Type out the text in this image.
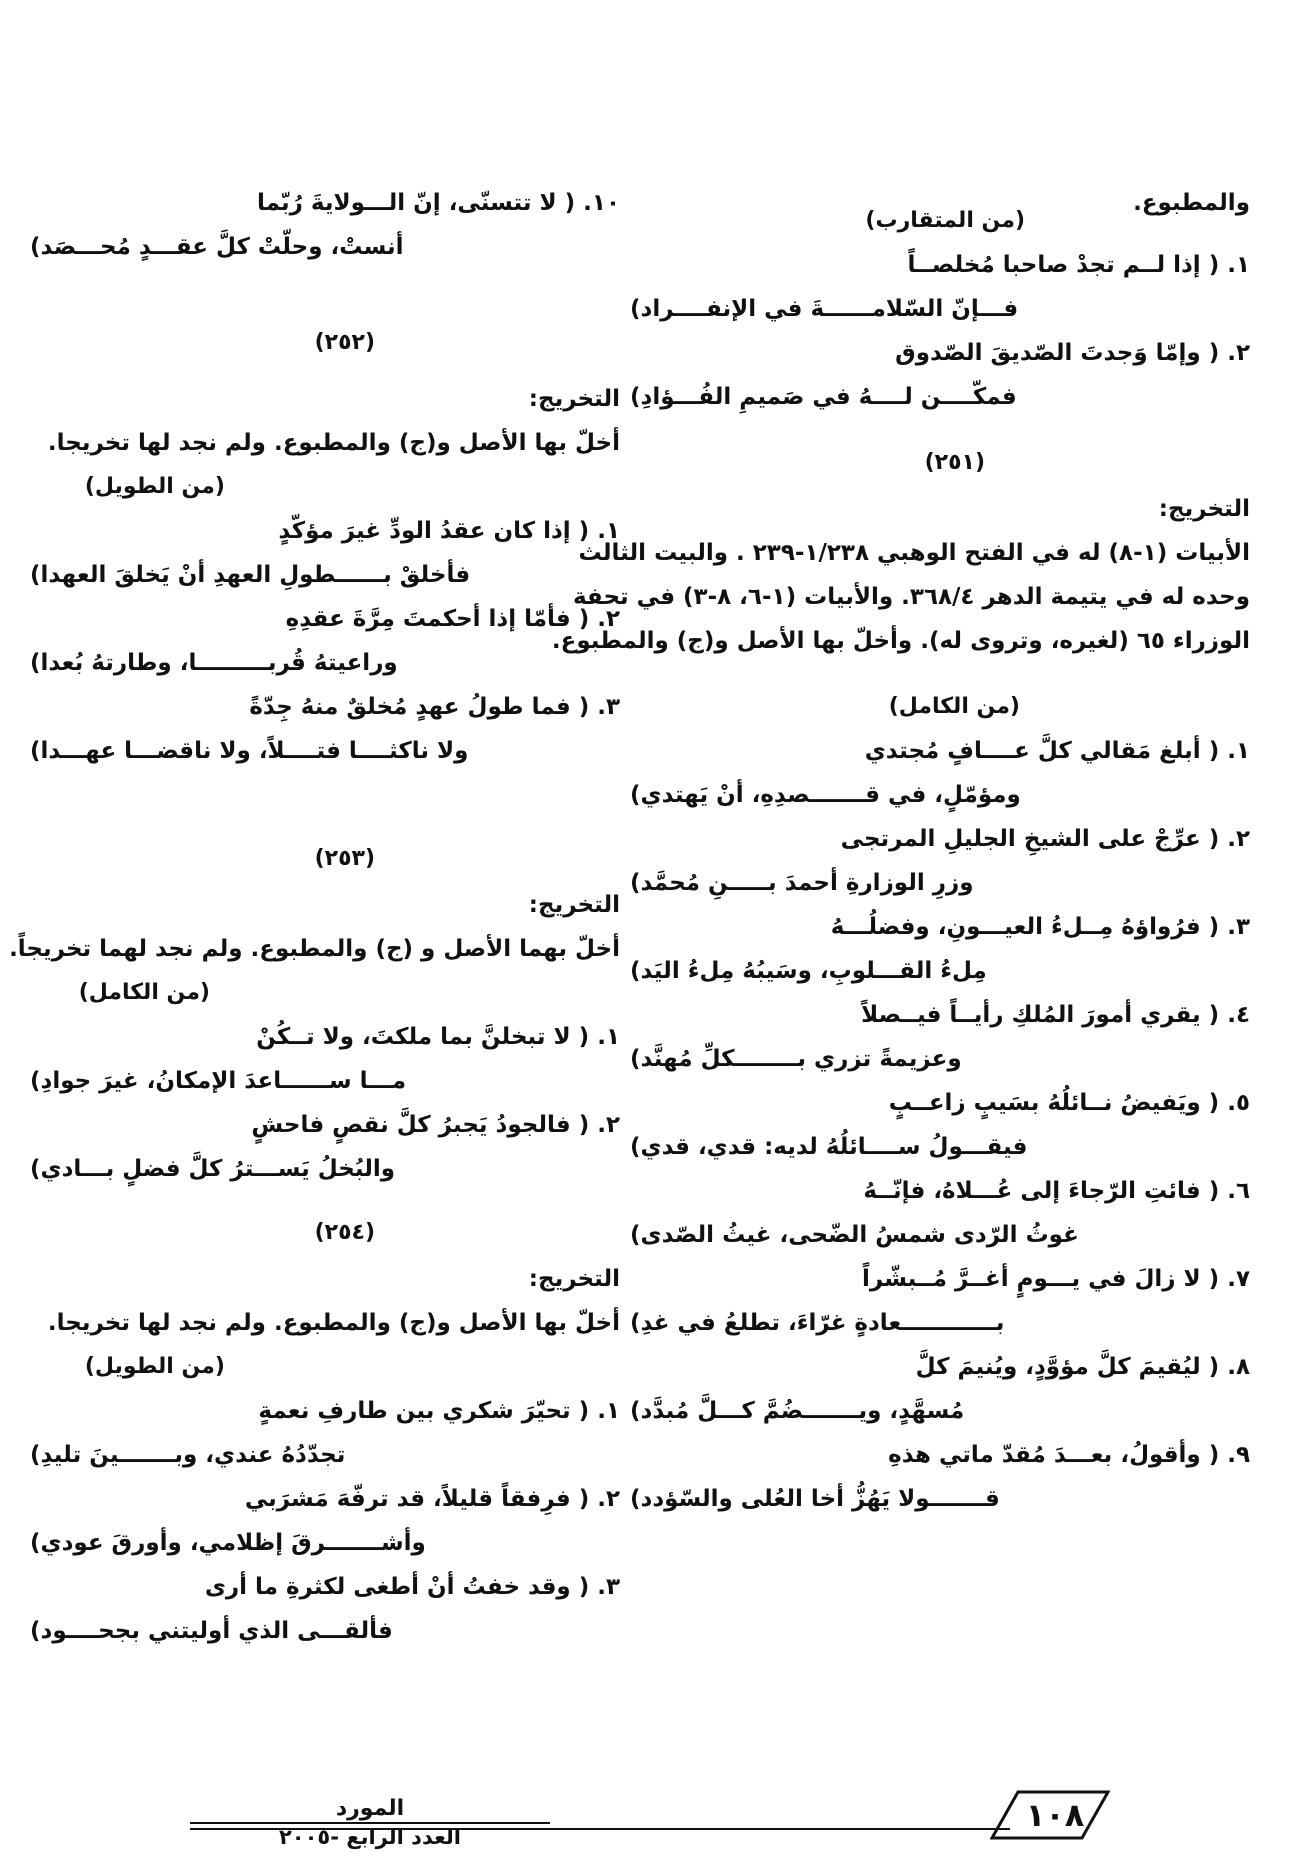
والمطبوع.
(من المتقارب)
١. ( إذا لــم تجدْ صاحبا مُخلصــاً
فـــإنّ السّلامــــــةَ في الإنفــــراد)
٢. ( وإمّا وَجدتَ الصّديقَ الصّدوق
فمكّــــن لــــهُ في صَميمِ الفُـــؤادِ)
(٢٥١)
التخريج:
الأبيات (١-٨) له في الفتح الوهبي ١/٢٣٨-٢٣٩ . والبيت الثالث
وحده له في يتيمة الدهر ٣٦٨/٤. والأبيات (١-٦، ٨-٣) في تحفة
الوزراء ٦٥ (لغيره، وتروى له). وأخلّ بها الأصل و(ج) والمطبوع.
(من الكامل)
١. ( أبلغ مَقالي كلَّ عــــافٍ مُجتدي
ومؤمّلٍ، في قـــــــصدِهِ، أنْ يَهتدي)
٢. ( عرِّجْ على الشيخِ الجليلِ المرتجى
وزرِ الوزارةِ أحمدَ بـــــنِ مُحمَّد)
٣. ( فرُواؤهُ مِــلءُ العيـــونِ، وفضلُـــهُ
مِلءُ القـــلوبِ، وسَيبُهُ مِلءُ اليَد)
٤. ( يقري أمورَ المُلكِ رأيــاً فيــصلاً
وعزيمةً تزري بــــــــكلِّ مُهنَّد)
٥. ( ويَفيضُ نــائلُهُ بسَيبٍ زاعــبٍ
فيقـــولُ ســــائلُهُ لديه: قدي، قدي)
٦. ( فائتِ الرّجاءَ إلى عُـــلاهُ، فإنّــهُ
غوثُ الرّدى شمسُ الضّحى، غيثُ الصّدى)
٧. ( لا زالَ في يـــومٍ أغــرَّ مُــبشّراً
بــــــــــــعادةٍ غرّاءَ، تطلعُ في غدِ)
٨. ( ليُقيمَ كلَّ مؤوَّدٍ، ويُنيمَ كلَّ
مُسهَّدٍ، ويـــــــضُمَّ كـــلَّ مُبدَّد)
٩. ( وأقولُ، بعـــدَ مُقدّ ماتي هذهِ
قـــــــولا يَهُزُّ أخا العُلى والسّؤدد)
١٠. ( لا تتسنّى، إنّ الـــولايةَ رُبّما
أنستْ، وحلّتْ كلَّ عقـــدٍ مُحـــصَد)
(٢٥٢)
التخريج:
أخلّ بها الأصل و(ج) والمطبوع. ولم نجد لها تخريجا.
(من الطويل)
١. ( إذا كان عقدُ الودِّ غيرَ مؤكّدٍ
فأخلقْ بــــــطولِ العهدِ أنْ يَخلقَ العهدا)
٢. ( فأمّا إذا أحكمتَ مِرَّةَ عقدِهِ
وراعيتهُ قُربـــــــــا، وطارتهُ بُعدا)
٣. ( فما طولُ عهدٍ مُخلقٌ منهُ جِدّةً
ولا ناكثــــا فتــــلاً، ولا ناقضـــا عهـــدا)
(٢٥٣)
التخريج:
أخلّ بهما الأصل و (ج) والمطبوع. ولم نجد لهما تخريجاً.
(من الكامل)
١. ( لا تبخلنَّ بما ملكتَ، ولا تــكُنْ
مـــا ســــــاعدَ الإمكانُ، غيرَ جوادِ)
٢. ( فالجودُ يَجبرُ كلَّ نقصٍ فاحشٍ
والبُخلُ يَســـترُ كلَّ فضلٍ بـــادي)
(٢٥٤)
التخريج:
أخلّ بها الأصل و(ج) والمطبوع. ولم نجد لها تخريجا.
(من الطويل)
١. ( تحيّرَ شكري بين طارفِ نعمةٍ
تجدّدُهُ عندي، وبـــــــينَ تليدِ)
٢. ( فرِفقاً قليلاً، قد ترفّهَ مَشرَبي
وأشـــــــرقَ إظلامي، وأورقَ عودي)
٣. ( وقد خفتُ أنْ أطغى لكثرةِ ما أرى
فألقـــى الذي أوليتني بجحــــود)
المورد
العدد الرابع -٢٠٠٥
١٠٨
